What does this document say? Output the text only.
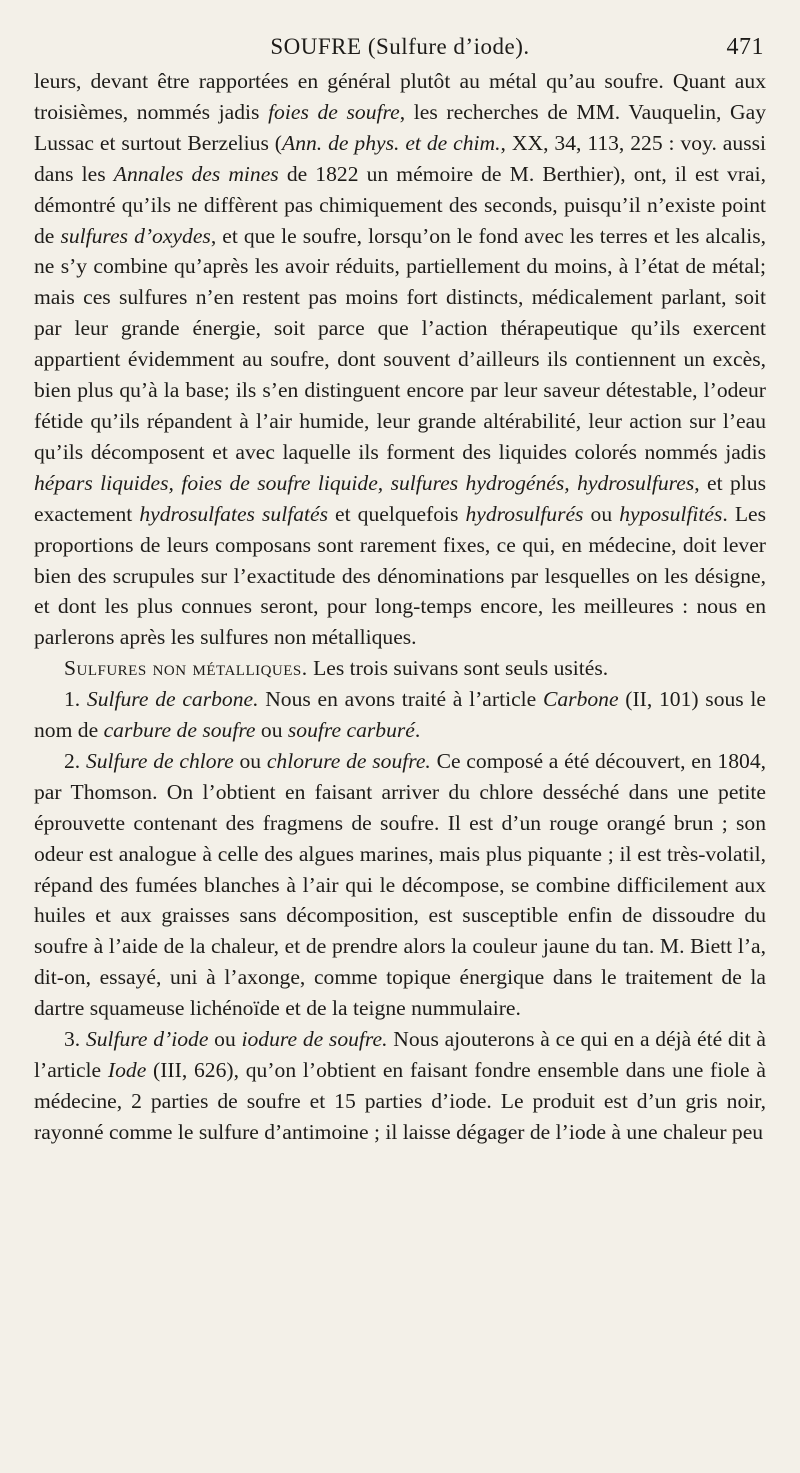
SOUFRE (Sulfure d’iode).	471

leurs, devant être rapportées en général plutôt au métal qu’au soufre. Quant aux troisièmes, nommés jadis foies de soufre, les recherches de MM. Vauquelin, Gay Lussac et surtout Berzelius (Ann. de phys. et de chim., XX, 34, 113, 225 : voy. aussi dans les Annales des mines de 1822 un mémoire de M. Berthier), ont, il est vrai, démontré qu’ils ne diffèrent pas chimiquement des seconds, puisqu’il n’existe point de sulfures d’oxydes, et que le soufre, lorsqu’on le fond avec les terres et les alcalis, ne s’y combine qu’après les avoir réduits, partiellement du moins, à l’état de métal; mais ces sulfures n’en restent pas moins fort distincts, médicalement parlant, soit par leur grande énergie, soit parce que l’action thérapeutique qu’ils exercent appartient évidemment au soufre, dont souvent d’ailleurs ils contiennent un excès, bien plus qu’à la base; ils s’en distinguent encore par leur saveur détestable, l’odeur fétide qu’ils répandent à l’air humide, leur grande altérabilité, leur action sur l’eau qu’ils décomposent et avec laquelle ils forment des liquides colorés nommés jadis hépars liquides, foies de soufre liquide, sulfures hydrogénés, hydrosulfures, et plus exactement hydrosulfates sulfatés et quelquefois hydrosulfurés ou hyposulfités. Les proportions de leurs composans sont rarement fixes, ce qui, en médecine, doit lever bien des scrupules sur l’exactitude des dénominations par lesquelles on les désigne, et dont les plus connues seront, pour long-temps encore, les meilleures : nous en parlerons après les sulfures non métalliques.

Sulfures non métalliques. Les trois suivans sont seuls usités.

1. Sulfure de carbone. Nous en avons traité à l’article Carbone (II, 101) sous le nom de carbure de soufre ou soufre carburé.

2. Sulfure de chlore ou chlorure de soufre. Ce composé a été découvert, en 1804, par Thomson. On l’obtient en faisant arriver du chlore desséché dans une petite éprouvette contenant des fragmens de soufre. Il est d’un rouge orangé brun ; son odeur est analogue à celle des algues marines, mais plus piquante ; il est très-volatil, répand des fumées blanches à l’air qui le décompose, se combine difficilement aux huiles et aux graisses sans décomposition, est susceptible enfin de dissoudre du soufre à l’aide de la chaleur, et de prendre alors la couleur jaune du tan. M. Biett l’a, dit-on, essayé, uni à l’axonge, comme topique énergique dans le traitement de la dartre squameuse lichénoïde et de la teigne nummulaire.

3. Sulfure d’iode ou iodure de soufre. Nous ajouterons à ce qui en a déjà été dit à l’article Iode (III, 626), qu’on l’obtient en faisant fondre ensemble dans une fiole à médecine, 2 parties de soufre et 15 parties d’iode. Le produit est d’un gris noir, rayonné comme le sulfure d’antimoine ; il laisse dégager de l’iode à une chaleur peu
